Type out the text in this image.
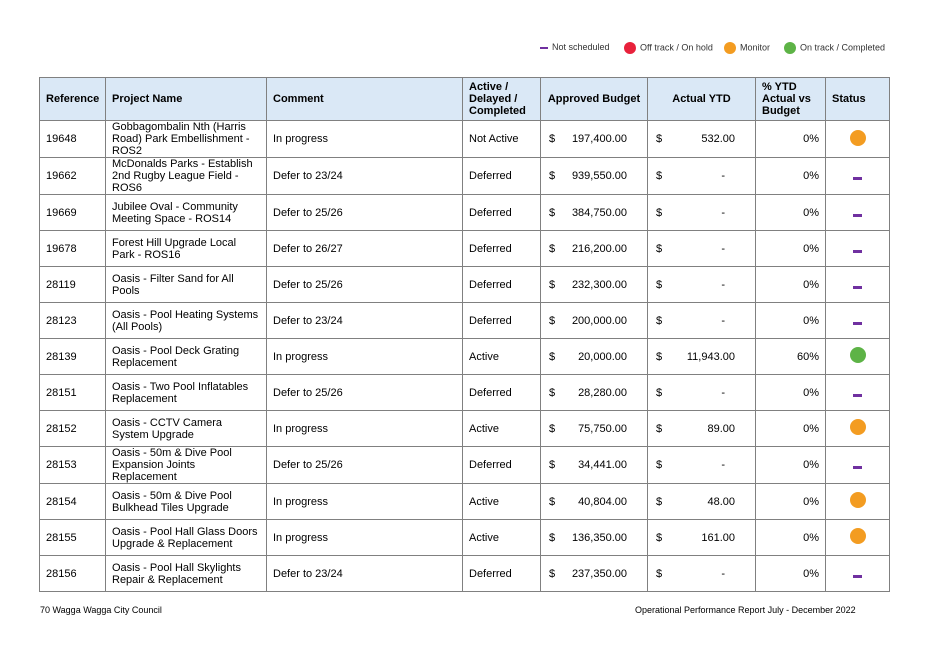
Not scheduled	Off track / On hold	Monitor	On track / Completed
Reference	Project Name	Comment	Active / Delayed / Completed	Approved Budget	Actual YTD	% YTD Actual vs Budget	Status
19648	Gobbagombalin Nth (Harris Road) Park Embellishment - ROS2	In progress	Not Active	$ 197,400.00	$ 532.00	0%	
19662	McDonalds Parks - Establish 2nd Rugby League Field - ROS6	Defer to 23/24	Deferred	$ 939,550.00	$ -	0%	
19669	Jubilee Oval - Community Meeting Space - ROS14	Defer to 25/26	Deferred	$ 384,750.00	$ -	0%	
19678	Forest Hill Upgrade Local Park - ROS16	Defer to 26/27	Deferred	$ 216,200.00	$ -	0%	
28119	Oasis - Filter Sand for All Pools	Defer to 25/26	Deferred	$ 232,300.00	$ -	0%	
28123	Oasis - Pool Heating Systems (All Pools)	Defer to 23/24	Deferred	$ 200,000.00	$ -	0%	
28139	Oasis - Pool Deck Grating Replacement	In progress	Active	$ 20,000.00	$ 11,943.00	60%	
28151	Oasis - Two Pool Inflatables Replacement	Defer to 25/26	Deferred	$ 28,280.00	$ -	0%	
28152	Oasis - CCTV Camera System Upgrade	In progress	Active	$ 75,750.00	$ 89.00	0%	
28153	Oasis - 50m & Dive Pool Expansion Joints Replacement	Defer to 25/26	Deferred	$ 34,441.00	$ -	0%	
28154	Oasis - 50m & Dive Pool Bulkhead Tiles Upgrade	In progress	Active	$ 40,804.00	$ 48.00	0%	
28155	Oasis - Pool Hall Glass Doors Upgrade & Replacement	In progress	Active	$ 136,350.00	$ 161.00	0%	
28156	Oasis - Pool Hall Skylights Repair & Replacement	Defer to 23/24	Deferred	$ 237,350.00	$ -	0%	
70 Wagga Wagga City Council	Operational Performance Report July - December 2022
